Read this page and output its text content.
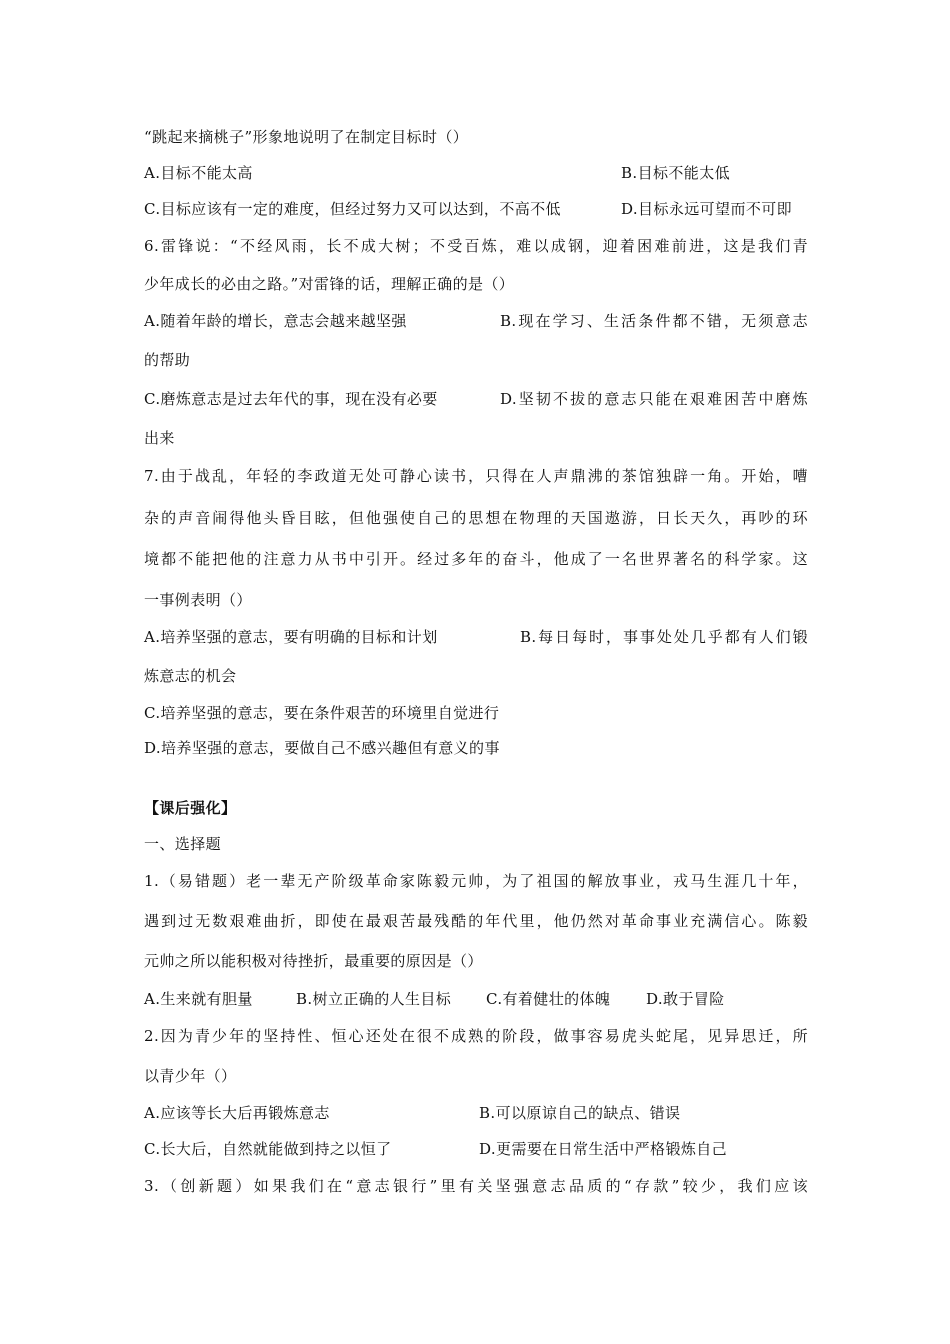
“跳起来摘桃子”形象地说明了在制定目标时（）
A.目标不能太高	B.目标不能太低
C.目标应该有一定的难度，但经过努力又可以达到，不高不低	D.目标永远可望而不可即
6.雷锋说：“不经风雨，长不成大树；不受百炼，难以成钢，迎着困难前进，这是我们青
少年成长的必由之路。”对雷锋的话，理解正确的是（）
A.随着年龄的增长，意志会越来越坚强	B.现在学习、生活条件都不错，无须意志
的帮助
C.磨炼意志是过去年代的事，现在没有必要	D.坚韧不拔的意志只能在艰难困苦中磨炼
出来
7.由于战乱，年轻的李政道无处可静心读书，只得在人声鼎沸的茶馆独辟一角。开始，嘈
杂的声音闹得他头昏目眩，但他强使自己的思想在物理的天国遨游，日长天久，再吵的环
境都不能把他的注意力从书中引开。经过多年的奋斗，他成了一名世界著名的科学家。这
一事例表明（）
A.培养坚强的意志，要有明确的目标和计划	B.每日每时，事事处处几乎都有人们锻
炼意志的机会
C.培养坚强的意志，要在条件艰苦的环境里自觉进行
D.培养坚强的意志，要做自己不感兴趣但有意义的事
【课后强化】
一、选择题
1.（易错题）老一辈无产阶级革命家陈毅元帅，为了祖国的解放事业，戎马生涯几十年，
遇到过无数艰难曲折，即使在最艰苦最残酷的年代里，他仍然对革命事业充满信心。陈毅
元帅之所以能积极对待挫折，最重要的原因是（）
A.生来就有胆量	B.树立正确的人生目标 C.有着健壮的体魄 D.敢于冒险
2.因为青少年的坚持性、恒心还处在很不成熟的阶段，做事容易虎头蛇尾，见异思迁，所
以青少年（）
A.应该等长大后再锻炼意志	B.可以原谅自己的缺点、错误
C.长大后，自然就能做到持之以恒了	D.更需要在日常生活中严格锻炼自己
3.（创新题）如果我们在“意志银行”里有关坚强意志品质的“存款”较少，我们应该
